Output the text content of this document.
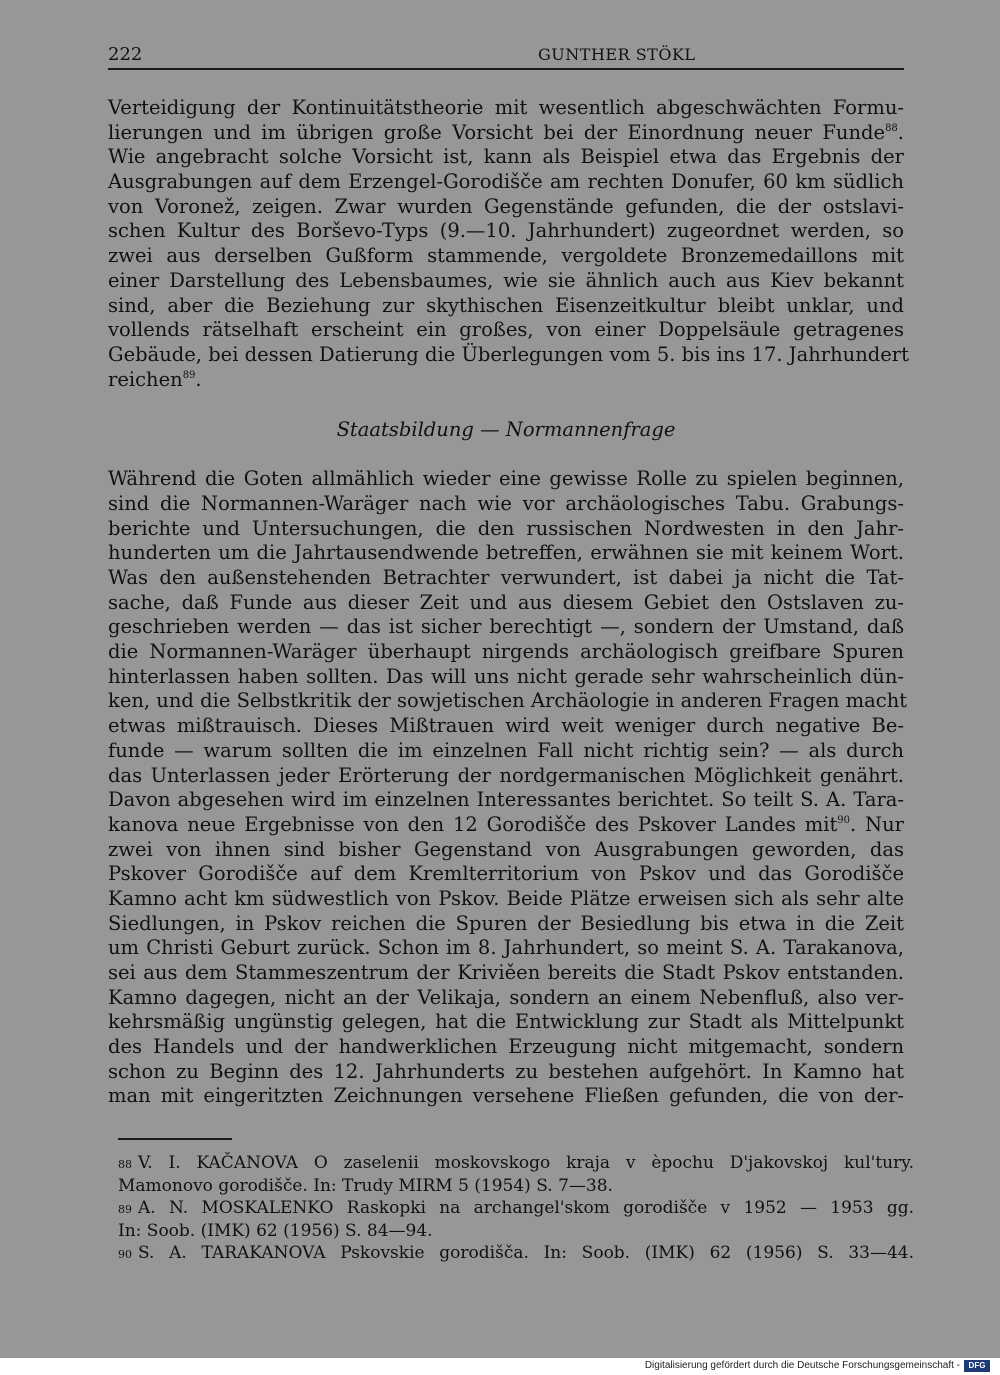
222	GUNTHER STÖKL
Verteidigung der Kontinuitätstheorie mit wesentlich abgeschwächten Formu-
lierungen und im übrigen große Vorsicht bei der Einordnung neuer Funde$^{88}$.
Wie angebracht solche Vorsicht ist, kann als Beispiel etwa das Ergebnis der
Ausgrabungen auf dem Erzengel-Gorodišče am rechten Donufer, 60 km südlich
von Voronež, zeigen. Zwar wurden Gegenstände gefunden, die der ostslavi-
schen Kultur des Borševo-Typs (9.—10. Jahrhundert) zugeordnet werden, so
zwei aus derselben Gußform stammende, vergoldete Bronzemedaillons mit
einer Darstellung des Lebensbaumes, wie sie ähnlich auch aus Kiev bekannt
sind, aber die Beziehung zur skythischen Eisenzeitkultur bleibt unklar, und
vollends rätselhaft erscheint ein großes, von einer Doppelsäule getragenes
Gebäude, bei dessen Datierung die Überlegungen vom 5. bis ins 17. Jahrhundert
reichen$^{89}$.
Staatsbildung — Normannenfrage
Während die Goten allmählich wieder eine gewisse Rolle zu spielen beginnen,
sind die Normannen-Waräger nach wie vor archäologisches Tabu. Grabungs-
berichte und Untersuchungen, die den russischen Nordwesten in den Jahr-
hunderten um die Jahrtausendwende betreffen, erwähnen sie mit keinem Wort.
Was den außenstehenden Betrachter verwundert, ist dabei ja nicht die Tat-
sache, daß Funde aus dieser Zeit und aus diesem Gebiet den Ostslaven zu-
geschrieben werden — das ist sicher berechtigt —, sondern der Umstand, daß
die Normannen-Waräger überhaupt nirgends archäologisch greifbare Spuren
hinterlassen haben sollten. Das will uns nicht gerade sehr wahrscheinlich dün-
ken, und die Selbstkritik der sowjetischen Archäologie in anderen Fragen macht
etwas mißtrauisch. Dieses Mißtrauen wird weit weniger durch negative Be-
funde — warum sollten die im einzelnen Fall nicht richtig sein? — als durch
das Unterlassen jeder Erörterung der nordgermanischen Möglichkeit genährt.
Davon abgesehen wird im einzelnen Interessantes berichtet. So teilt S. A. Tara-
kanova neue Ergebnisse von den 12 Gorodišče des Pskover Landes mit$^{90}$. Nur
zwei von ihnen sind bisher Gegenstand von Ausgrabungen geworden, das
Pskover Gorodišče auf dem Kremlterritorium von Pskov und das Gorodišče
Kamno acht km südwestlich von Pskov. Beide Plätze erweisen sich als sehr alte
Siedlungen, in Pskov reichen die Spuren der Besiedlung bis etwa in die Zeit
um Christi Geburt zurück. Schon im 8. Jahrhundert, so meint S. A. Tarakanova,
sei aus dem Stammeszentrum der Kriviěen bereits die Stadt Pskov entstanden.
Kamno dagegen, nicht an der Velikaja, sondern an einem Nebenfluß, also ver-
kehrsmäßig ungünstig gelegen, hat die Entwicklung zur Stadt als Mittelpunkt
des Handels und der handwerklichen Erzeugung nicht mitgemacht, sondern
schon zu Beginn des 12. Jahrhunderts zu bestehen aufgehört. In Kamno hat
man mit eingeritzten Zeichnungen versehene Fließen gefunden, die von der-
88 V. I. KAČANOVA O zaselenii moskovskogo kraja v èpochu D'jakovskoj kul'tury.
Mamonovo gorodišče. In: Trudy MIRM 5 (1954) S. 7—38.
89 A. N. MOSKALENKO Raskopki na archangel'skom gorodišče v 1952 — 1953 gg.
In: Soob. (IMK) 62 (1956) S. 84—94.
90 S. A. TARAKANOVA Pskovskie gorodišča. In: Soob. (IMK) 62 (1956) S. 33—44.
Digitalisierung gefördert durch die Deutsche Forschungsgemeinschaft -	DFG
